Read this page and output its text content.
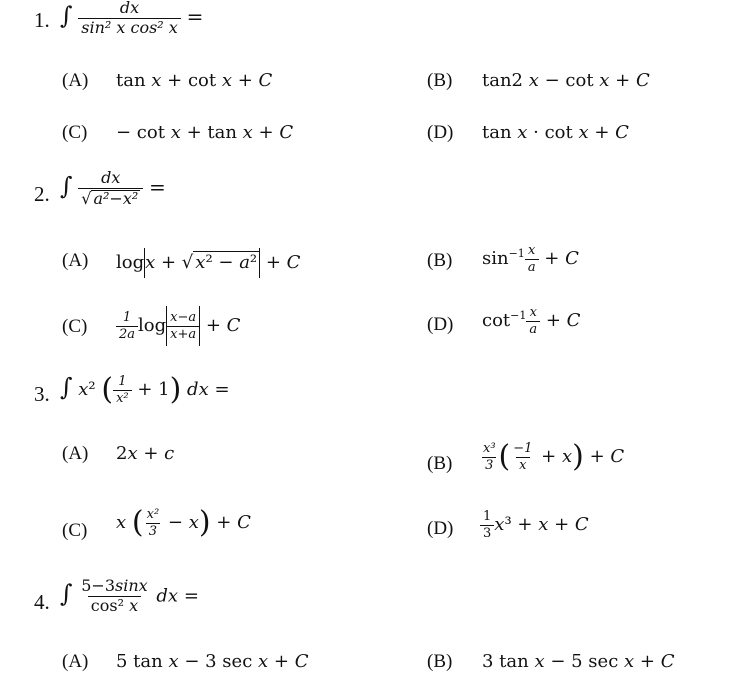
1. ∫ $\frac{dx}{\text{sin² x cos² x}}$ =
(A) tan x + cot x + C	(B) tan2 x − cot x + C
(C) − cot x + tan x + C	(D) tan x · cot x + C
2. ∫ $\frac{dx}{\text{√ a²−x²}}$ =
(A) logx + √ x² − a² + C	(B) $\sin^{-1} \frac{x}{a} + C$
$(C) \frac{1}{2a}$ $\log \frac{x-a}{x+a} + C$	(D) $\cot^{-1} \frac{x}{a} + C$
3. ∫ x² ( $\frac{1}{\text{x²}} + 1$) dx =
(A) 2x + c	$(B) \frac{\text{x³}}{3}$ ( $\frac{-1}{x} + x) + C$
(C) x ( $\frac{\text{x²}}{3} - x) + C$	$(D) \frac{1}{3} x^3 + x + C$
4. ∫ $\frac{5-3\sin x}{\text{cos² x}}$ dx =
(A) 5 tan x − 3 sec x + C	(B) 3 tan x − 5 sec x + C
